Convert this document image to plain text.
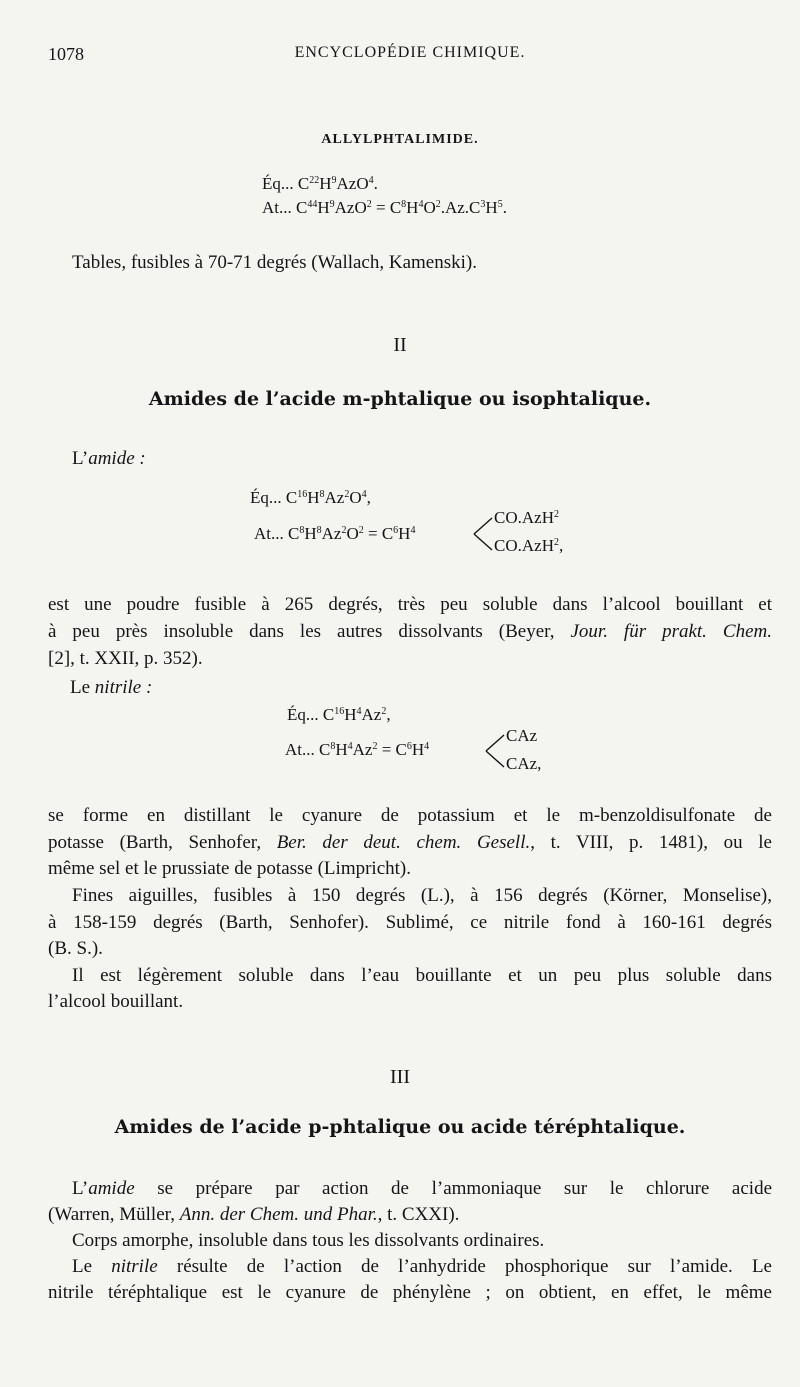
1078	ENCYCLOPÉDIE CHIMIQUE.
ALLYLPHTALIMIDE.
Éq... $C^{22}H^9AzO^4$.
At... $C^{44}H^9AzO^2 = C^8H^4O^2.Az.C^3H^5$.
Tables, fusibles à 70-71 degrés (Wallach, Kamenski).
II
Amides de l’acide m-phtalique ou isophtalique.
L’amide :
Éq... $C^{16}H^8Az^2O^4$,
At... $C^8H^8Az^2O^2 = C^6H^4$
CO.AzH$^2$
CO.AzH$^2$,
est une poudre fusible à 265 degrés, très peu soluble dans l’alcool bouillant et
à peu près insoluble dans les autres dissolvants (Beyer, Jour. für prakt. Chem.
[2], t. XXII, p. 352).
Le nitrile :
Éq... $C^{16}H^4Az^2$,
At... $C^8H^4Az^2 = C^6H^4$
CAz
CAz,
se forme en distillant le cyanure de potassium et le m-benzoldisulfonate de
potasse (Barth, Senhofer, Ber. der deut. chem. Gesell., t. VIII, p. 1481), ou le
même sel et le prussiate de potasse (Limpricht).
Fines aiguilles, fusibles à 150 degrés (L.), à 156 degrés (Körner, Monselise),
à 158-159 degrés (Barth, Senhofer). Sublimé, ce nitrile fond à 160-161 degrés
(B. S.).
Il est légèrement soluble dans l’eau bouillante et un peu plus soluble dans
l’alcool bouillant.
III
Amides de l’acide p-phtalique ou acide téréphtalique.
L’amide se prépare par action de l’ammoniaque sur le chlorure acide
(Warren, Müller, Ann. der Chem. und Phar., t. CXXI).
Corps amorphe, insoluble dans tous les dissolvants ordinaires.
Le nitrile résulte de l’action de l’anhydride phosphorique sur l’amide. Le
nitrile téréphtalique est le cyanure de phénylène ; on obtient, en effet, le même
